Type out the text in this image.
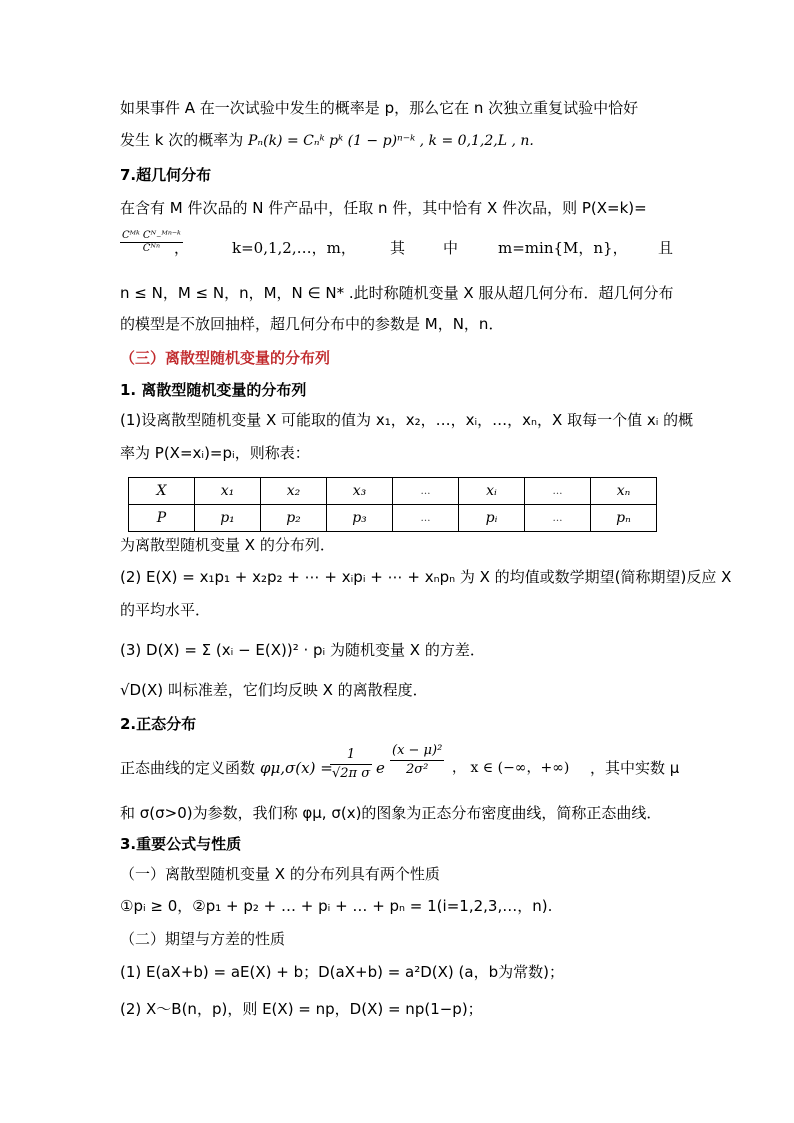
如果事件 A 在一次试验中发生的概率是 p，那么它在 n 次独立重复试验中恰好
发生 k 次的概率为 Pₙ(k) = Cₙᵏ pᵏ (1 − p)ⁿ⁻ᵏ , k = 0,1,2,L , n.
7.超几何分布
在含有 M 件次品的 N 件产品中，任取 n 件，其中恰有 X 件次品，则 P(X=k)=
Cᴹᵏ Cᴺ₋ᴹⁿ⁻ᵏ
Cᴺⁿ ，	k=0,1,2,…，m， 其	中	m=min{M，n}， 且
n ≤ N，M ≤ N，n，M，N ∈ N* .此时称随机变量 X 服从超几何分布．超几何分布
的模型是不放回抽样，超几何分布中的参数是 M，N，n．
（三）离散型随机变量的分布列
1. 离散型随机变量的分布列
(1)设离散型随机变量 X 可能取的值为 x₁，x₂，…，xᵢ，…，xₙ，X 取每一个值 xᵢ 的概
率为 P(X=xᵢ)=pᵢ，则称表：
X	x₁	x₂	x₃	…	xᵢ	…	xₙ
P	p₁	p₂	p₃	…	pᵢ	…	pₙ
为离散型随机变量 X 的分布列．
(2) E(X) = x₁p₁ + x₂p₂ + ⋯ + xᵢpᵢ + ⋯ + xₙpₙ 为 X 的均值或数学期望(简称期望)反应 X
的平均水平．
(3) D(X) = Σ (xᵢ − E(X))² · pᵢ 为随机变量 X 的方差．
√D(X) 叫标准差，它们均反映 X 的离散程度．
2.正态分布
正态曲线的定义函数 φμ,σ(x) =
$\frac{1}{\text{√2π σ}}$ e $\frac{\text{(x − μ)²}}{\text{2σ²}}$ ， x ∈ (−∞，+∞) ，其中实数 μ
和 σ(σ>0)为参数，我们称 φμ, σ(x)的图象为正态分布密度曲线，简称正态曲线．
3.重要公式与性质
（一）离散型随机变量 X 的分布列具有两个性质
①pᵢ ≥ 0，②p₁ + p₂ + … + pᵢ + … + pₙ = 1(i=1,2,3,…，n).
（二）期望与方差的性质
(1) E(aX+b) = aE(X) + b；D(aX+b) = a²D(X) (a，b为常数)；
(2) X～B(n，p)，则 E(X) = np，D(X) = np(1−p)；
